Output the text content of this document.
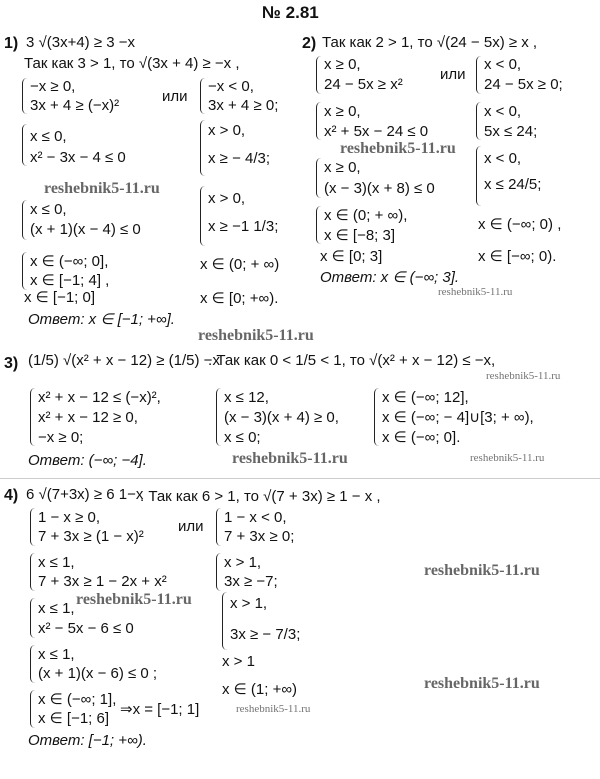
№ 2.81
1) 3 √(3x+4) ≥ 3 −x
Так как 3 > 1, то √(3x + 4) ≥ −x ,
−x ≥ 0,
3x + 4 ≥ (−x)²
или
−x < 0,
3x + 4 ≥ 0;
x ≤ 0,
x² − 3x − 4 ≤ 0
x > 0,
x ≥ − 4/3;
reshebnik5-11.ru
x ≤ 0,
(x + 1)(x − 4) ≤ 0
x > 0,
x ≥ −1 1/3;
x ∈ (−∞; 0],
x ∈ [−1; 4] ,
x ∈ (0; + ∞)
x ∈ [−1; 0]	x ∈ [0; +∞).
Ответ: x ∈ [−1; +∞].
2) Так как 2 > 1, то √(24 − 5x) ≥ x ,
x ≥ 0,
24 − 5x ≥ x²
или
x < 0,
24 − 5x ≥ 0;
x ≥ 0,
x² + 5x − 24 ≤ 0
x < 0,
5x ≤ 24;
reshebnik5-11.ru
x ≥ 0,
(x − 3)(x + 8) ≤ 0
x < 0,
x ≤ 24/5;
x ∈ (0; + ∞),
x ∈ [−8; 3]
x ∈ (−∞; 0) ,
x ∈ [0; 3]	x ∈ [−∞; 0).
Ответ: x ∈ (−∞; 3].
reshebnik5-11.ru
reshebnik5-11.ru
3) (1/5) √(x² + x − 12) ≥ (1/5) −x
. Так как 0 < 1/5 < 1, то √(x² + x − 12) ≤ −x,
reshebnik5-11.ru
x² + x − 12 ≤ (−x)²,
x² + x − 12 ≥ 0,
−x ≥ 0;
x ≤ 12,
(x − 3)(x + 4) ≥ 0,
x ≤ 0;
x ∈ (−∞; 12],
x ∈ (−∞; − 4]∪[3; + ∞),
x ∈ (−∞; 0].
Ответ: (−∞; −4].	reshebnik5-11.ru	reshebnik5-11.ru
4) 6 √(7+3x) ≥ 6 1−x
. Так как 6 > 1, то √(7 + 3x) ≥ 1 − x ,
1 − x ≥ 0,
7 + 3x ≥ (1 − x)²
или
1 − x < 0,
7 + 3x ≥ 0;
x ≤ 1,
7 + 3x ≥ 1 − 2x + x²
x > 1,
3x ≥ −7;
reshebnik5-11.ru
reshebnik5-11.ru
x ≤ 1,
x² − 5x − 6 ≤ 0
x > 1,
3x ≥ − 7/3;
x ≤ 1,
(x + 1)(x − 6) ≤ 0 ;
x > 1
reshebnik5-11.ru
x ∈ (−∞; 1],
x ∈ [−1; 6]
⇒x = [−1; 1]
x ∈ (1; +∞)
reshebnik5-11.ru
Ответ: [−1; +∞).
